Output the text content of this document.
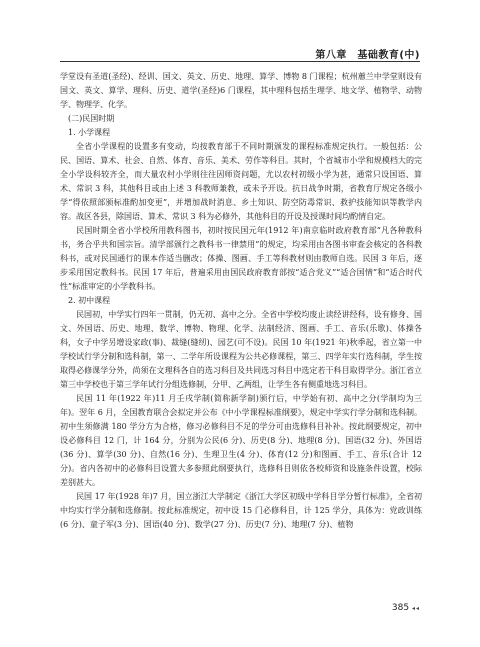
第八章　基础教育(中)

学堂设有圣道(圣经)、经训、国文、英文、历史、地理、算学、博物 8 门课程；杭州蕙兰中学堂则设有国文、英文、算学、理科、历史、道学(圣经)6 门课程，其中理科包括生理学、地文学、植物学、动物学、物理学、化学。

(二)民国时期

1. 小学课程

全省小学课程的设置多有变动，均按教育部于不同时期颁发的课程标准规定执行。一般包括：公民、国语、算术、社会、自然、体育、音乐、美术、劳作等科目。其时，个省城市小学和规模档大的完全小学设科较齐全，而大量农村小学则往往因师资问题，尤以农村初级小学为甚，通常只设国语、算术、常识 3 科，其他科目或由上述 3 科教师兼教，或未予开设。抗日战争时期，省教育厅规定各级小学“得依照部颁标准酌加变更”，并增加战时消息、乡土知识、防空防毒常识、救护技能知识等教学内容。战区各县，除国语、算术、常识 3 科为必修外，其他科目的开设及授课时间均酌情自定。

民国时期全省小学校所用教科图书，初时按民国元年(1912 年)南京临时政府教育部“凡各种教科书，务合乎共和国宗旨。清学部颁行之教科书一律禁用”的规定，均采用由各图书审查会核定的各科教科书，或对民国通行的课本作适当删改；体操、图画、手工等科教材则由教师自选。民国 3 年后，逐步采用国定教科书。民国 17 年后，普遍采用由国民政府教育部按“适合党义”“适合国情”和“适合时代性”标准审定的小学教科书。

2. 初中课程

民国初，中学实行四年一贯制，仍无初、高中之分。全省中学校均废止读经讲经科，设有修身、国文、外国语、历史、地理、数学、博物、物理、化学、法制经济、图画、手工、音乐(乐歌)、体操各科，女子中学另增设家政(事)、裁缝(缝纫)、园艺(可不设)。民国 10 年(1921 年)秋季起，省立第一中学校试行学分制和选科制，第一、二学年所设课程为公共必修课程，第三、四学年实行选科制，学生按取得必修课学分外，尚须在文理科各自的选习科目及共同选习科目中选定若干科目取得学分。浙江省立第三中学校也于第三学年试行分组选修制，分甲、乙两组，让学生各有侧重地选习科目。

民国 11 年(1922 年)11 月壬戌学制(简称新学制)颁行后，中学始有初、高中之分(学制均为三年)。翌年 6 月，全国教育联合会拟定并公布《中小学课程标准纲要》，规定中学实行学分制和选科制。初中生须修满 180 学分方为合格，修习必修科目不足的学分可由选修科目补补。按此纲要规定，初中设必修科目 12 门，计 164 分，分别为公民(6 分)、历史(8 分)、地理(8 分)、国语(32 分)、外国语(36 分)、算学(30 分)、自然(16 分)、生理卫生(4 分)、体育(12 分)和图画、手工、音乐(合计 12 分)。省内各初中的必修科目设置大多参照此纲要执行，选修科目则依各校师资和设施条件设置，校际差别甚大。

民国 17 年(1928 年)7 月，国立浙江大学制定《浙江大学区初级中学科目学分暂行标准》，全省初中均实行学分制和选修制。按此标准规定，初中设 15 门必修科目，计 125 学分，具体为：党政训练(6 分)、童子军(3 分)、国语(40 分)、数学(27 分)、历史(7 分)、地理(7 分)、植物

385 ◂◂
